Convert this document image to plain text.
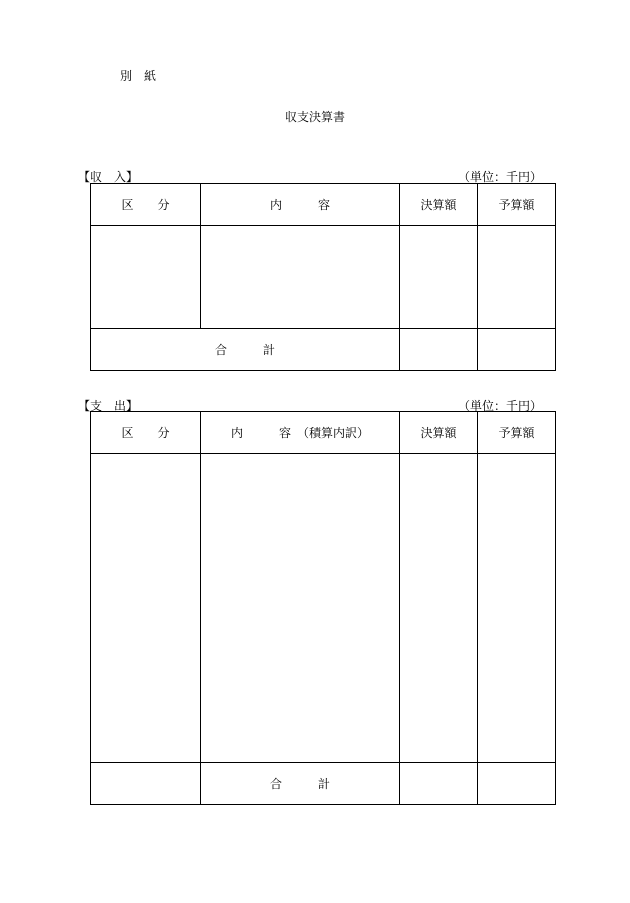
別　紙
収支決算書
【収　入】	（単位：千円）
区　　分	内　　　容	決算額	予算額

合　　　計			
【支　出】	（単位：千円）
区　　分	内　　　容　（積算内訳）	決算額	予算額

	合　　　計		
